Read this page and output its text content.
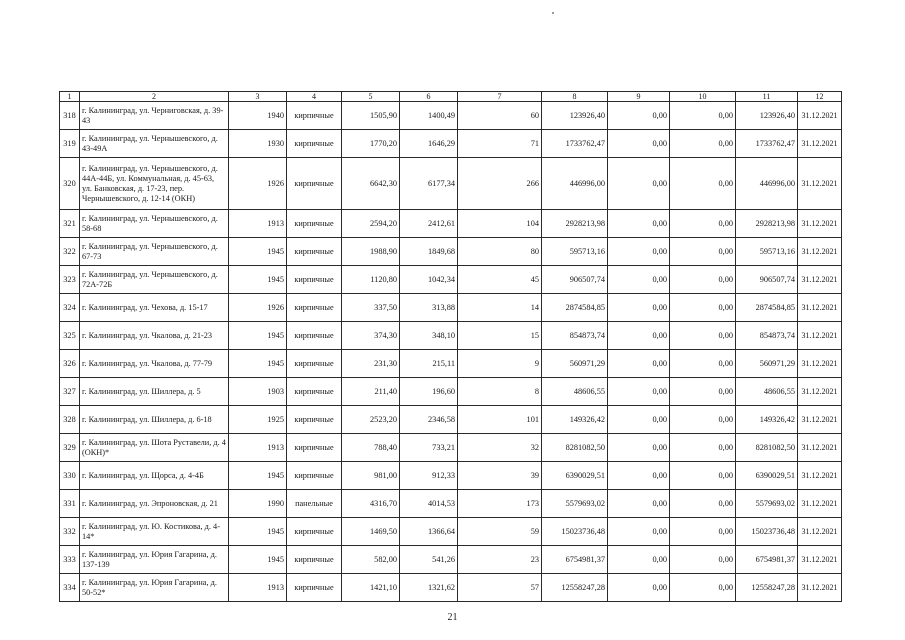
1	2	3	4	5	6	7	8	9	10	11	12
318	г. Калининград, ул. Черниговская, д. 39-43	1940	кирпичные	1505,90	1400,49	60	123926,40	0,00	0,00	123926,40	31.12.2021
319	г. Калининград, ул. Чернышевского, д. 43-49А	1930	кирпичные	1770,20	1646,29	71	1733762,47	0,00	0,00	1733762,47	31.12.2021
320	г. Калининград, ул. Чернышевского, д. 44А-44Б, ул. Коммунальная, д. 45-63, ул. Банковская, д. 17-23, пер. Чернышевского, д. 12-14 (ОКН)	1926	кирпичные	6642,30	6177,34	266	446996,00	0,00	0,00	446996,00	31.12.2021
321	г. Калининград, ул. Чернышевского, д. 58-68	1913	кирпичные	2594,20	2412,61	104	2928213,98	0,00	0,00	2928213,98	31.12.2021
322	г. Калининград, ул. Чернышевского, д. 67-73	1945	кирпичные	1988,90	1849,68	80	595713,16	0,00	0,00	595713,16	31.12.2021
323	г. Калининград, ул. Чернышевского, д. 72А-72Б	1945	кирпичные	1120,80	1042,34	45	906507,74	0,00	0,00	906507,74	31.12.2021
324	г. Калининград, ул. Чехова, д. 15-17	1926	кирпичные	337,50	313,88	14	2874584,85	0,00	0,00	2874584,85	31.12.2021
325	г. Калининград, ул. Чкалова, д. 21-23	1945	кирпичные	374,30	348,10	15	854873,74	0,00	0,00	854873,74	31.12.2021
326	г. Калининград, ул. Чкалова, д. 77-79	1945	кирпичные	231,30	215,11	9	560971,29	0,00	0,00	560971,29	31.12.2021
327	г. Калининград, ул. Шиллера, д. 5	1903	кирпичные	211,40	196,60	8	48606,55	0,00	0,00	48606,55	31.12.2021
328	г. Калининград, ул. Шиллера, д. 6-18	1925	кирпичные	2523,20	2346,58	101	149326,42	0,00	0,00	149326,42	31.12.2021
329	г. Калининград, ул. Шота Руставели, д. 4 (ОКН)*	1913	кирпичные	788,40	733,21	32	8281082,50	0,00	0,00	8281082,50	31.12.2021
330	г. Калининград, ул. Щорса, д. 4-4Б	1945	кирпичные	981,00	912,33	39	6390029,51	0,00	0,00	6390029,51	31.12.2021
331	г. Калининград, ул. Эпроновская, д. 21	1990	панельные	4316,70	4014,53	173	5579693,02	0,00	0,00	5579693,02	31.12.2021
332	г. Калининград, ул. Ю. Костикова, д. 4-14*	1945	кирпичные	1469,50	1366,64	59	15023736,48	0,00	0,00	15023736,48	31.12.2021
333	г. Калининград, ул. Юрия Гагарина, д. 137-139	1945	кирпичные	582,00	541,26	23	6754981,37	0,00	0,00	6754981,37	31.12.2021
334	г. Калининград, ул. Юрия Гагарина, д. 50-52*	1913	кирпичные	1421,10	1321,62	57	12558247,28	0,00	0,00	12558247,28	31.12.2021
21
